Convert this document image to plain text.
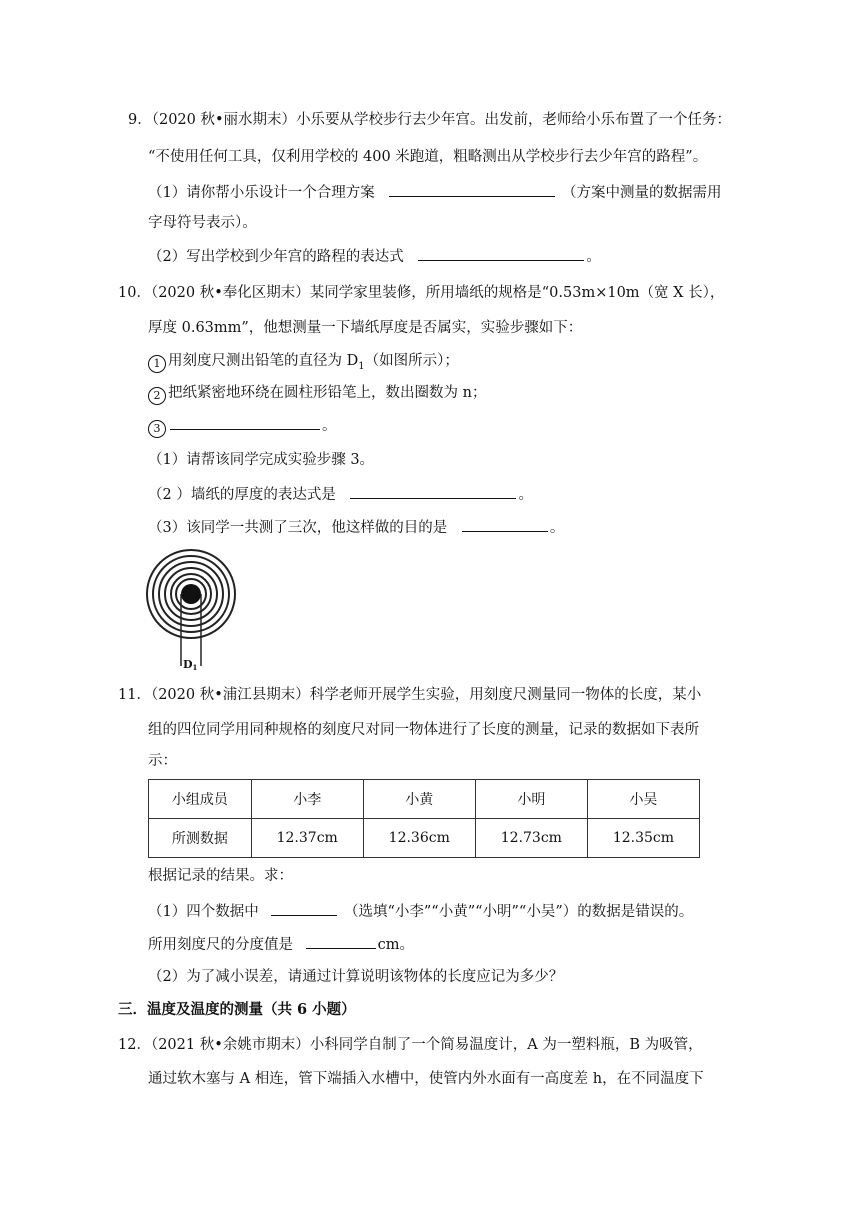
9．（2020 秋•丽水期末）小乐要从学校步行去少年宫。出发前，老师给小乐布置了一个任务：
“不使用任何工具，仅利用学校的 400 米跑道，粗略测出从学校步行去少年宫的路程”。
（1）请你帮小乐设计一个合理方案	（方案中测量的数据需用
字母符号表示）。
（2）写出学校到少年宫的路程的表达式	。
10．（2020 秋•奉化区期末）某同学家里装修，所用墙纸的规格是“0.53m×10m（宽 X 长），
厚度 0.63mm”，他想测量一下墙纸厚度是否属实，实验步骤如下：
1 用刻度尺测出铅笔的直径为 $D_1$（如图所示）；
2 把纸紧密地环绕在圆柱形铅笔上，数出圈数为 n；
3	。
（1）请帮该同学完成实验步骤 3。
（2 ）墙纸的厚度的表达式是	。
（3）该同学一共测了三次，他这样做的目的是	。
D1
11．（2020 秋•浦江县期末）科学老师开展学生实验，用刻度尺测量同一物体的长度，某小
组的四位同学用同种规格的刻度尺对同一物体进行了长度的测量，记录的数据如下表所
示：
小组成员	小李	小黄	小明	小吴
所测数据	12.37cm	12.36cm	12.73cm	12.35cm
根据记录的结果。求：
（1）四个数据中	（选填“小李”“小黄”“小明”“小吴”）的数据是错误的。
所用刻度尺的分度值是	cm。
（2）为了减小误差，请通过计算说明该物体的长度应记为多少？
三．温度及温度的测量（共 6 小题）
12．（2021 秋•余姚市期末）小科同学自制了一个简易温度计，A 为一塑料瓶，B 为吸管，
通过软木塞与 A 相连，管下端插入水槽中，使管内外水面有一高度差 h，在不同温度下
